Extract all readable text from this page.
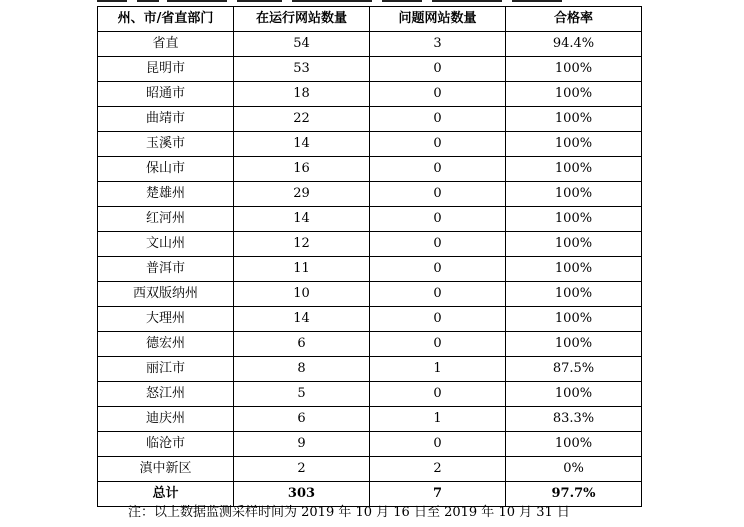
州、市/省直部门	在运行网站数量	问题网站数量	合格率
省直	54	3	94.4%
昆明市	53	0	100%
昭通市	18	0	100%
曲靖市	22	0	100%
玉溪市	14	0	100%
保山市	16	0	100%
楚雄州	29	0	100%
红河州	14	0	100%
文山州	12	0	100%
普洱市	11	0	100%
西双版纳州	10	0	100%
大理州	14	0	100%
德宏州	6	0	100%
丽江市	8	1	87.5%
怒江州	5	0	100%
迪庆州	6	1	83.3%
临沧市	9	0	100%
滇中新区	2	2	0%
总计	303	7	97.7%
注：以上数据监测采样时间为 2019 年 10 月 16 日至 2019 年 10 月 31 日
